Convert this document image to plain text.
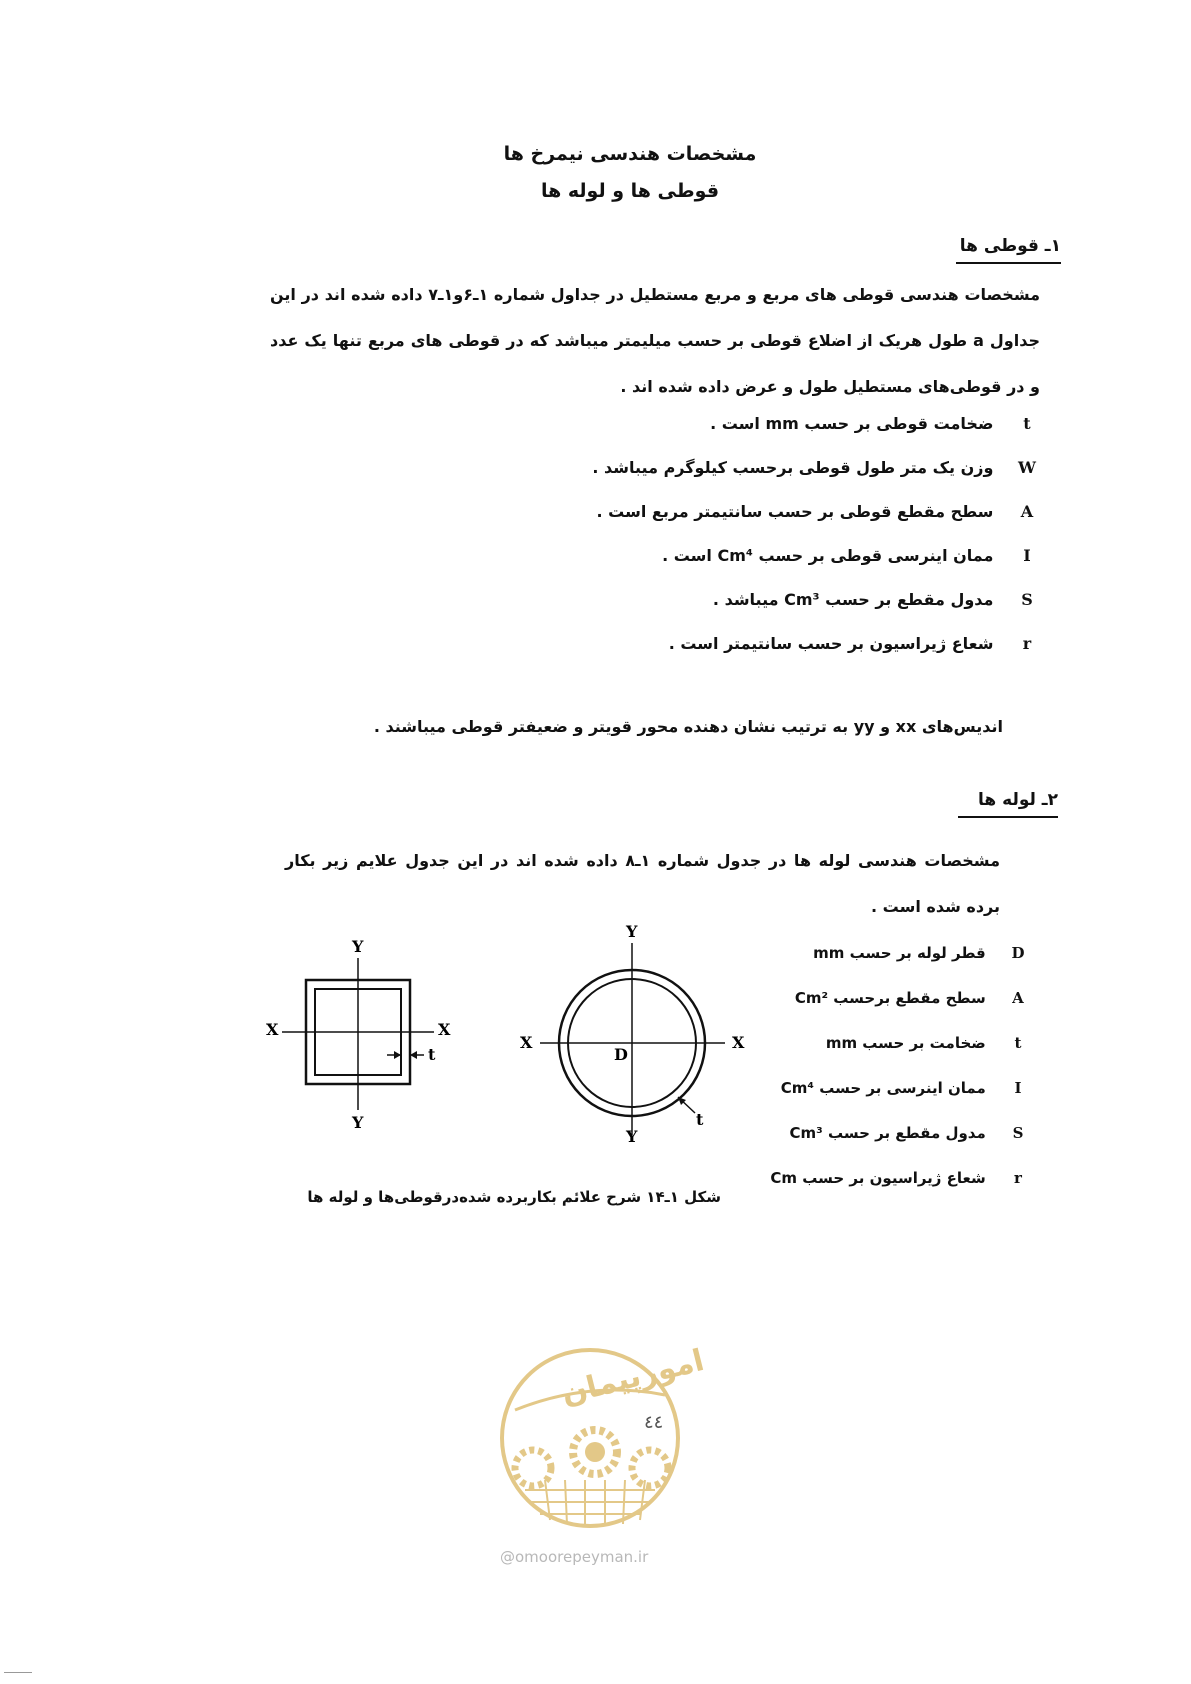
مشخصات هندسی نیمرخ ها
قوطی ها و لوله ها
۱ـ قوطی ها
مشخصات هندسی قوطی های مربع و مربع مستطیل در جداول شماره ۱ـ۶و۱ـ۷ داده شده اند در این جداول a طول هریک از اضلاع قوطی بر حسب میلیمتر میباشد که در قوطی های مربع تنها یک عدد و در قوطی‌های مستطیل طول و عرض داده شده اند .
t ضخامت قوطی بر حسب mm است .
W وزن یک متر طول قوطی برحسب کیلوگرم میباشد .
A سطح مقطع قوطی بر حسب سانتیمتر مربع است .
I ممان اینرسی قوطی بر حسب Cm⁴ است .
S مدول مقطع بر حسب Cm³ میباشد .
r شعاع ژیراسیون بر حسب سانتیمتر است .
اندیس‌های xx و yy به ترتیب نشان دهنده محور قویتر و ضعیفتر قوطی میباشند .
۲ـ لوله ها
مشخصات هندسی لوله ها در جدول شماره ۱ـ۸ داده شده اند در این جدول علایم زیر بکار برده شده است .
D قطر لوله بر حسب mm
A سطح مقطع برحسب Cm²
t ضخامت بر حسب mm
I ممان اینرسی بر حسب Cm⁴
S مدول مقطع بر حسب Cm³
r شعاع ژیراسیون بر حسب Cm
Y
Y
X	X
t
Y
Y
X	X
D
t
شکل ۱ـ۱۴ شرح علائم بکاربرده شده‌درقوطی‌ها و لوله ها
امورپیمان
٤٤
@omoorepeyman.ir
